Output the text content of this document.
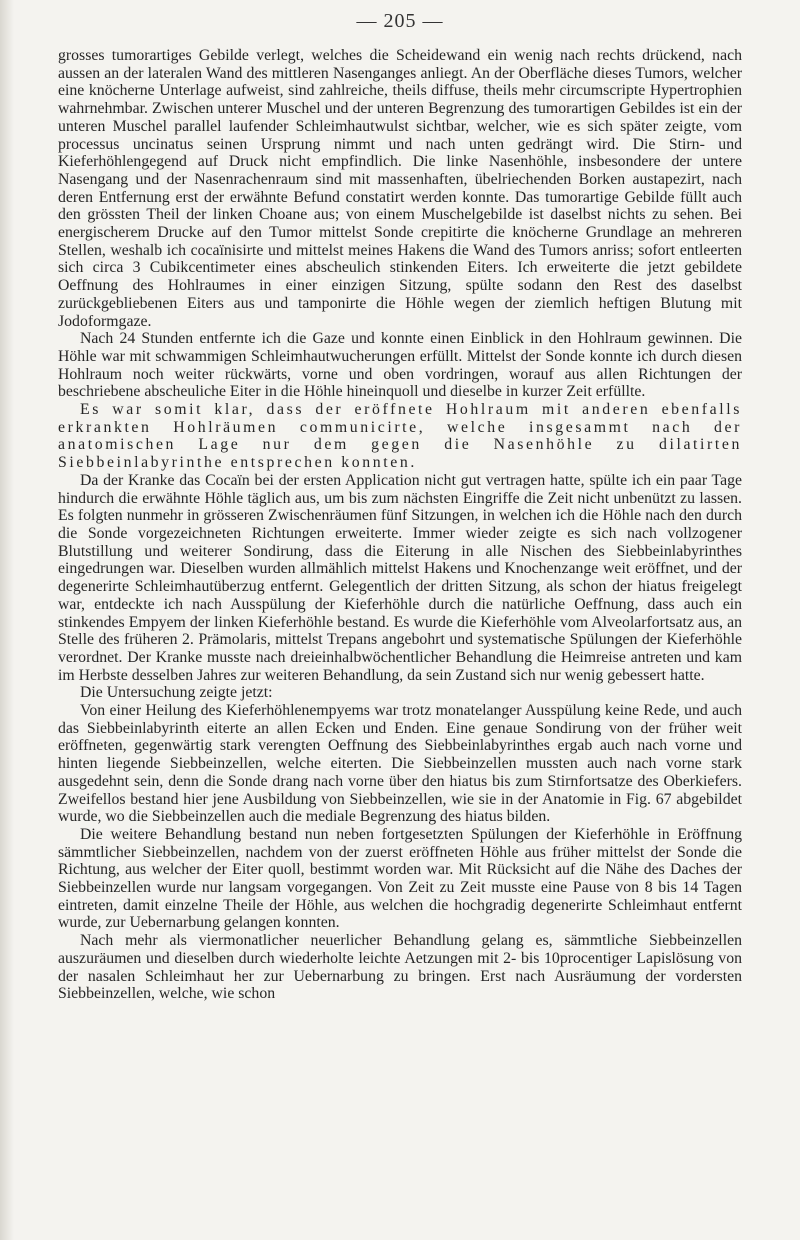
— 205 —

grosses tumorartiges Gebilde verlegt, welches die Scheidewand ein wenig nach rechts drückend, nach aussen an der lateralen Wand des mittleren Nasenganges anliegt. An der Oberfläche dieses Tumors, welcher eine knöcherne Unterlage aufweist, sind zahlreiche, theils diffuse, theils mehr circumscripte Hypertrophien wahrnehmbar. Zwischen unterer Muschel und der unteren Begrenzung des tumorartigen Gebildes ist ein der unteren Muschel parallel laufender Schleimhautwulst sichtbar, welcher, wie es sich später zeigte, vom processus uncinatus seinen Ursprung nimmt und nach unten gedrängt wird. Die Stirn- und Kieferhöhlengegend auf Druck nicht empfindlich. Die linke Nasenhöhle, insbesondere der untere Nasengang und der Nasenrachenraum sind mit massenhaften, übelriechenden Borken austapezirt, nach deren Entfernung erst der erwähnte Befund constatirt werden konnte. Das tumorartige Gebilde füllt auch den grössten Theil der linken Choane aus; von einem Muschelgebilde ist daselbst nichts zu sehen. Bei energischerem Drucke auf den Tumor mittelst Sonde crepitirte die knöcherne Grundlage an mehreren Stellen, weshalb ich cocaïnisirte und mittelst meines Hakens die Wand des Tumors anriss; sofort entleerten sich circa 3 Cubikcentimeter eines abscheulich stinkenden Eiters. Ich erweiterte die jetzt gebildete Oeffnung des Hohlraumes in einer einzigen Sitzung, spülte sodann den Rest des daselbst zurückgebliebenen Eiters aus und tamponirte die Höhle wegen der ziemlich heftigen Blutung mit Jodoformgaze.

Nach 24 Stunden entfernte ich die Gaze und konnte einen Einblick in den Hohlraum gewinnen. Die Höhle war mit schwammigen Schleimhautwucherungen erfüllt. Mittelst der Sonde konnte ich durch diesen Hohlraum noch weiter rückwärts, vorne und oben vordringen, worauf aus allen Richtungen der beschriebene abscheuliche Eiter in die Höhle hineinquoll und dieselbe in kurzer Zeit erfüllte.

Es war somit klar, dass der eröffnete Hohlraum mit anderen ebenfalls erkrankten Hohlräumen communicirte, welche insgesammt nach der anatomischen Lage nur dem gegen die Nasenhöhle zu dilatirten Siebbeinlabyrinthe entsprechen konnten.

Da der Kranke das Cocaïn bei der ersten Application nicht gut vertragen hatte, spülte ich ein paar Tage hindurch die erwähnte Höhle täglich aus, um bis zum nächsten Eingriffe die Zeit nicht unbenützt zu lassen. Es folgten nunmehr in grösseren Zwischenräumen fünf Sitzungen, in welchen ich die Höhle nach den durch die Sonde vorgezeichneten Richtungen erweiterte. Immer wieder zeigte es sich nach vollzogener Blutstillung und weiterer Sondirung, dass die Eiterung in alle Nischen des Siebbeinlabyrinthes eingedrungen war. Dieselben wurden allmählich mittelst Hakens und Knochenzange weit eröffnet, und der degenerirte Schleimhautüberzug entfernt. Gelegentlich der dritten Sitzung, als schon der hiatus freigelegt war, entdeckte ich nach Ausspülung der Kieferhöhle durch die natürliche Oeffnung, dass auch ein stinkendes Empyem der linken Kieferhöhle bestand. Es wurde die Kieferhöhle vom Alveolarfortsatz aus, an Stelle des früheren 2. Prämolaris, mittelst Trepans angebohrt und systematische Spülungen der Kieferhöhle verordnet. Der Kranke musste nach dreieinhalbwöchentlicher Behandlung die Heimreise antreten und kam im Herbste desselben Jahres zur weiteren Behandlung, da sein Zustand sich nur wenig gebessert hatte.

Die Untersuchung zeigte jetzt:

Von einer Heilung des Kieferhöhlenempyems war trotz monatelanger Ausspülung keine Rede, und auch das Siebbeinlabyrinth eiterte an allen Ecken und Enden. Eine genaue Sondirung von der früher weit eröffneten, gegenwärtig stark verengten Oeffnung des Siebbeinlabyrinthes ergab auch nach vorne und hinten liegende Siebbeinzellen, welche eiterten. Die Siebbeinzellen mussten auch nach vorne stark ausgedehnt sein, denn die Sonde drang nach vorne über den hiatus bis zum Stirnfortsatze des Oberkiefers. Zweifellos bestand hier jene Ausbildung von Siebbeinzellen, wie sie in der Anatomie in Fig. 67 abgebildet wurde, wo die Siebbeinzellen auch die mediale Begrenzung des hiatus bilden.

Die weitere Behandlung bestand nun neben fortgesetzten Spülungen der Kieferhöhle in Eröffnung sämmtlicher Siebbeinzellen, nachdem von der zuerst eröffneten Höhle aus früher mittelst der Sonde die Richtung, aus welcher der Eiter quoll, bestimmt worden war. Mit Rücksicht auf die Nähe des Daches der Siebbeinzellen wurde nur langsam vorgegangen. Von Zeit zu Zeit musste eine Pause von 8 bis 14 Tagen eintreten, damit einzelne Theile der Höhle, aus welchen die hochgradig degenerirte Schleimhaut entfernt wurde, zur Uebernarbung gelangen konnten.

Nach mehr als viermonatlicher neuerlicher Behandlung gelang es, sämmtliche Siebbeinzellen auszuräumen und dieselben durch wiederholte leichte Aetzungen mit 2- bis 10procentiger Lapislösung von der nasalen Schleimhaut her zur Uebernarbung zu bringen. Erst nach Ausräumung der vordersten Siebbeinzellen, welche, wie schon
